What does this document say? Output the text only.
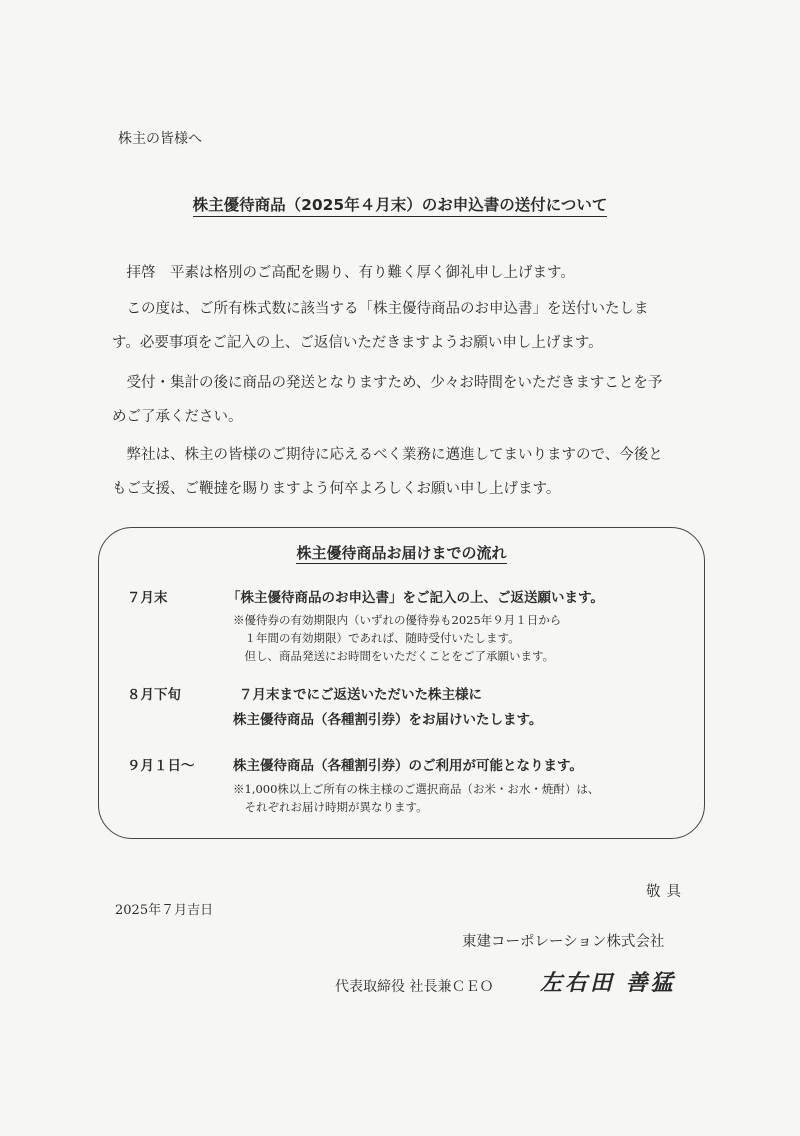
株主の皆様へ
株主優待商品（2025年４月末）のお申込書の送付について

拝啓　平素は格別のご高配を賜り、有り難く厚く御礼申し上げます。

この度は、ご所有株式数に該当する「株主優待商品のお申込書」を送付いたします。必要事項をご記入の上、ご返信いただきますようお願い申し上げます。

受付・集計の後に商品の発送となりますため、少々お時間をいただきますことを予めご了承ください。

弊社は、株主の皆様のご期待に応えるべく業務に邁進してまいりますので、今後ともご支援、ご鞭撻を賜りますよう何卒よろしくお願い申し上げます。

株主優待商品お届けまでの流れ
７月末	「株主優待商品のお申込書」をご記入の上、ご返送願います。
※優待券の有効期限内（いずれの優待券も2025年９月１日から
　１年間の有効期限）であれば、随時受付いたします。
　但し、商品発送にお時間をいただくことをご了承願います。
８月下旬	７月末までにご返送いただいた株主様に
株主優待商品（各種割引券）をお届けいたします。
９月１日～	株主優待商品（各種割引券）のご利用が可能となります。
※1,000株以上ご所有の株主様のご選択商品（お米・お水・焼酎）は、
　それぞれお届け時期が異なります。
敬具
2025年７月吉日
東建コーポレーション株式会社
代表取締役 社長兼ＣＥＯ 左右田 善猛
